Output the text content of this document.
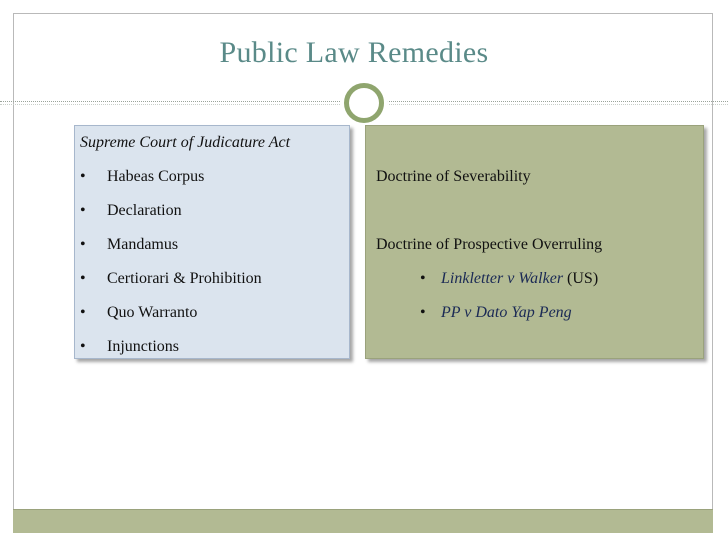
Public Law Remedies
Supreme Court of Judicature Act
• Habeas Corpus
• Declaration
• Mandamus
• Certiorari & Prohibition
• Quo Warranto
• Injunctions
Doctrine of Severability
Doctrine of Prospective Overruling
• Linkletter v Walker (US)
• PP v Dato Yap Peng
